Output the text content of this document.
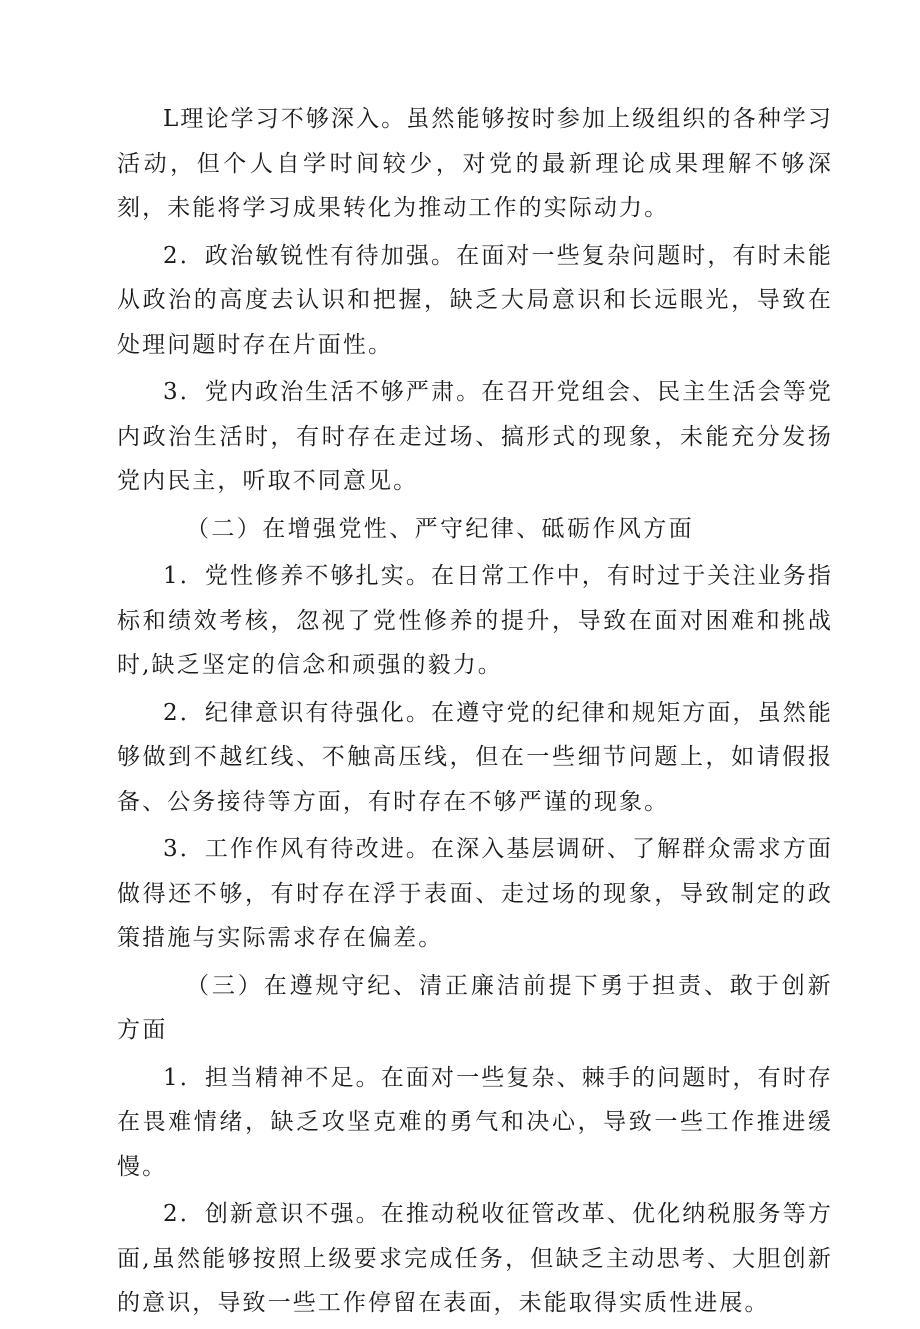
L理论学习不够深入。虽然能够按时参加上级组织的各种学习活动，但个人自学时间较少，对党的最新理论成果理解不够深刻，未能将学习成果转化为推动工作的实际动力。

2．政治敏锐性有待加强。在面对一些复杂问题时，有时未能从政治的高度去认识和把握，缺乏大局意识和长远眼光，导致在处理问题时存在片面性。

3．党内政治生活不够严肃。在召开党组会、民主生活会等党内政治生活时，有时存在走过场、搞形式的现象，未能充分发扬党内民主，听取不同意见。

（二）在增强党性、严守纪律、砥砺作风方面

1．党性修养不够扎实。在日常工作中，有时过于关注业务指标和绩效考核，忽视了党性修养的提升，导致在面对困难和挑战时,缺乏坚定的信念和顽强的毅力。

2．纪律意识有待强化。在遵守党的纪律和规矩方面，虽然能够做到不越红线、不触高压线，但在一些细节问题上，如请假报备、公务接待等方面，有时存在不够严谨的现象。

3．工作作风有待改进。在深入基层调研、了解群众需求方面做得还不够，有时存在浮于表面、走过场的现象，导致制定的政策措施与实际需求存在偏差。

（三）在遵规守纪、清正廉洁前提下勇于担责、敢于创新方面

1．担当精神不足。在面对一些复杂、棘手的问题时，有时存在畏难情绪，缺乏攻坚克难的勇气和决心，导致一些工作推进缓慢。

2．创新意识不强。在推动税收征管改革、优化纳税服务等方面,虽然能够按照上级要求完成任务，但缺乏主动思考、大胆创新的意识，导致一些工作停留在表面，未能取得实质性进展。
